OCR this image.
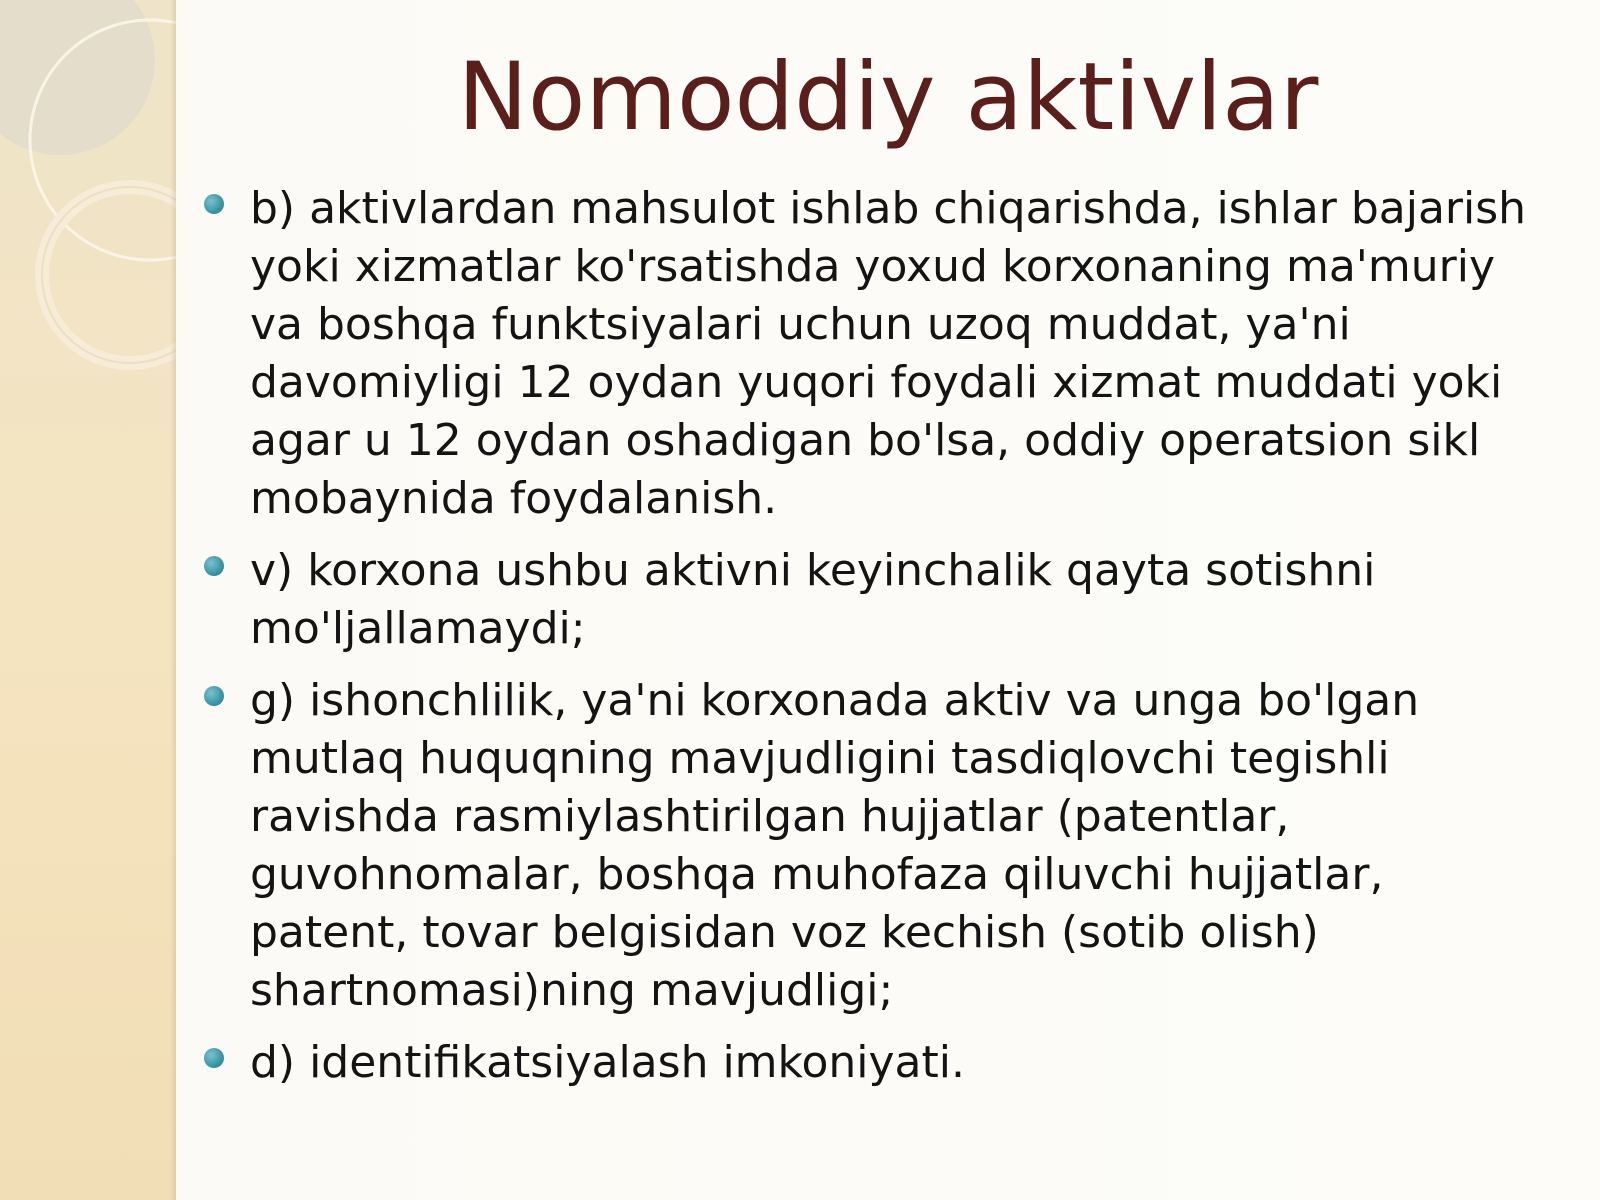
Nomoddiy aktivlar
b) aktivlardan mahsulot ishlab chiqarishda, ishlar bajarish yoki xizmatlar ko'rsatishda yoxud korxonaning ma'muriy va boshqa funktsiyalari uchun uzoq muddat, ya'ni davomiyligi 12 oydan yuqori foydali xizmat muddati yoki agar u 12 oydan oshadigan bo'lsa, oddiy operatsion sikl mobaynida foydalanish.
v) korxona ushbu aktivni keyinchalik qayta sotishni mo'ljallamaydi;
g) ishonchlilik, ya'ni korxonada aktiv va unga bo'lgan mutlaq huquqning mavjudligini tasdiqlovchi tegishli ravishda rasmiylashtirilgan hujjatlar (patentlar, guvohnomalar, boshqa muhofaza qiluvchi hujjatlar, patent, tovar belgisidan voz kechish (sotib olish) shartnomasi)ning mavjudligi;
d) identifikatsiyalash imkoniyati.
